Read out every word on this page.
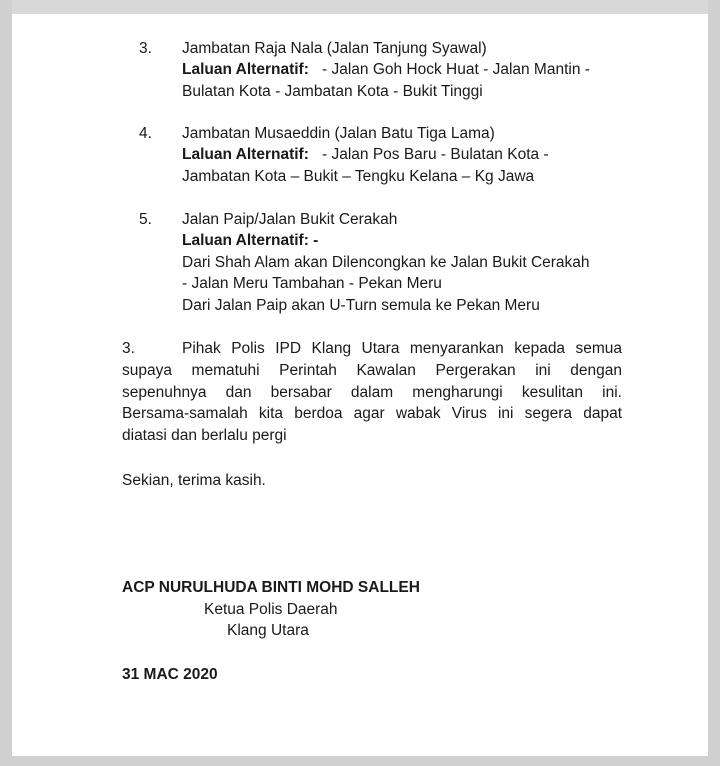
3. Jambatan Raja Nala (Jalan Tanjung Syawal)
Laluan Alternatif: - Jalan Goh Hock Huat - Jalan Mantin -
Bulatan Kota - Jambatan Kota - Bukit Tinggi
4. Jambatan Musaeddin (Jalan Batu Tiga Lama)
Laluan Alternatif: - Jalan Pos Baru - Bulatan Kota -
Jambatan Kota – Bukit – Tengku Kelana – Kg Jawa
5. Jalan Paip/Jalan Bukit Cerakah
Laluan Alternatif: -
Dari Shah Alam akan Dilencongkan ke Jalan Bukit Cerakah
- Jalan Meru Tambahan - Pekan Meru
Dari Jalan Paip akan U-Turn semula ke Pekan Meru
3.	Pihak Polis IPD Klang Utara menyarankan kepada semua
supaya mematuhi Perintah Kawalan Pergerakan ini dengan
sepenuhnya dan bersabar dalam mengharungi kesulitan ini.
Bersama-samalah kita berdoa agar wabak Virus ini segera dapat
diatasi dan berlalu pergi
Sekian, terima kasih.
ACP NURULHUDA BINTI MOHD SALLEH
Ketua Polis Daerah
Klang Utara
31 MAC 2020
